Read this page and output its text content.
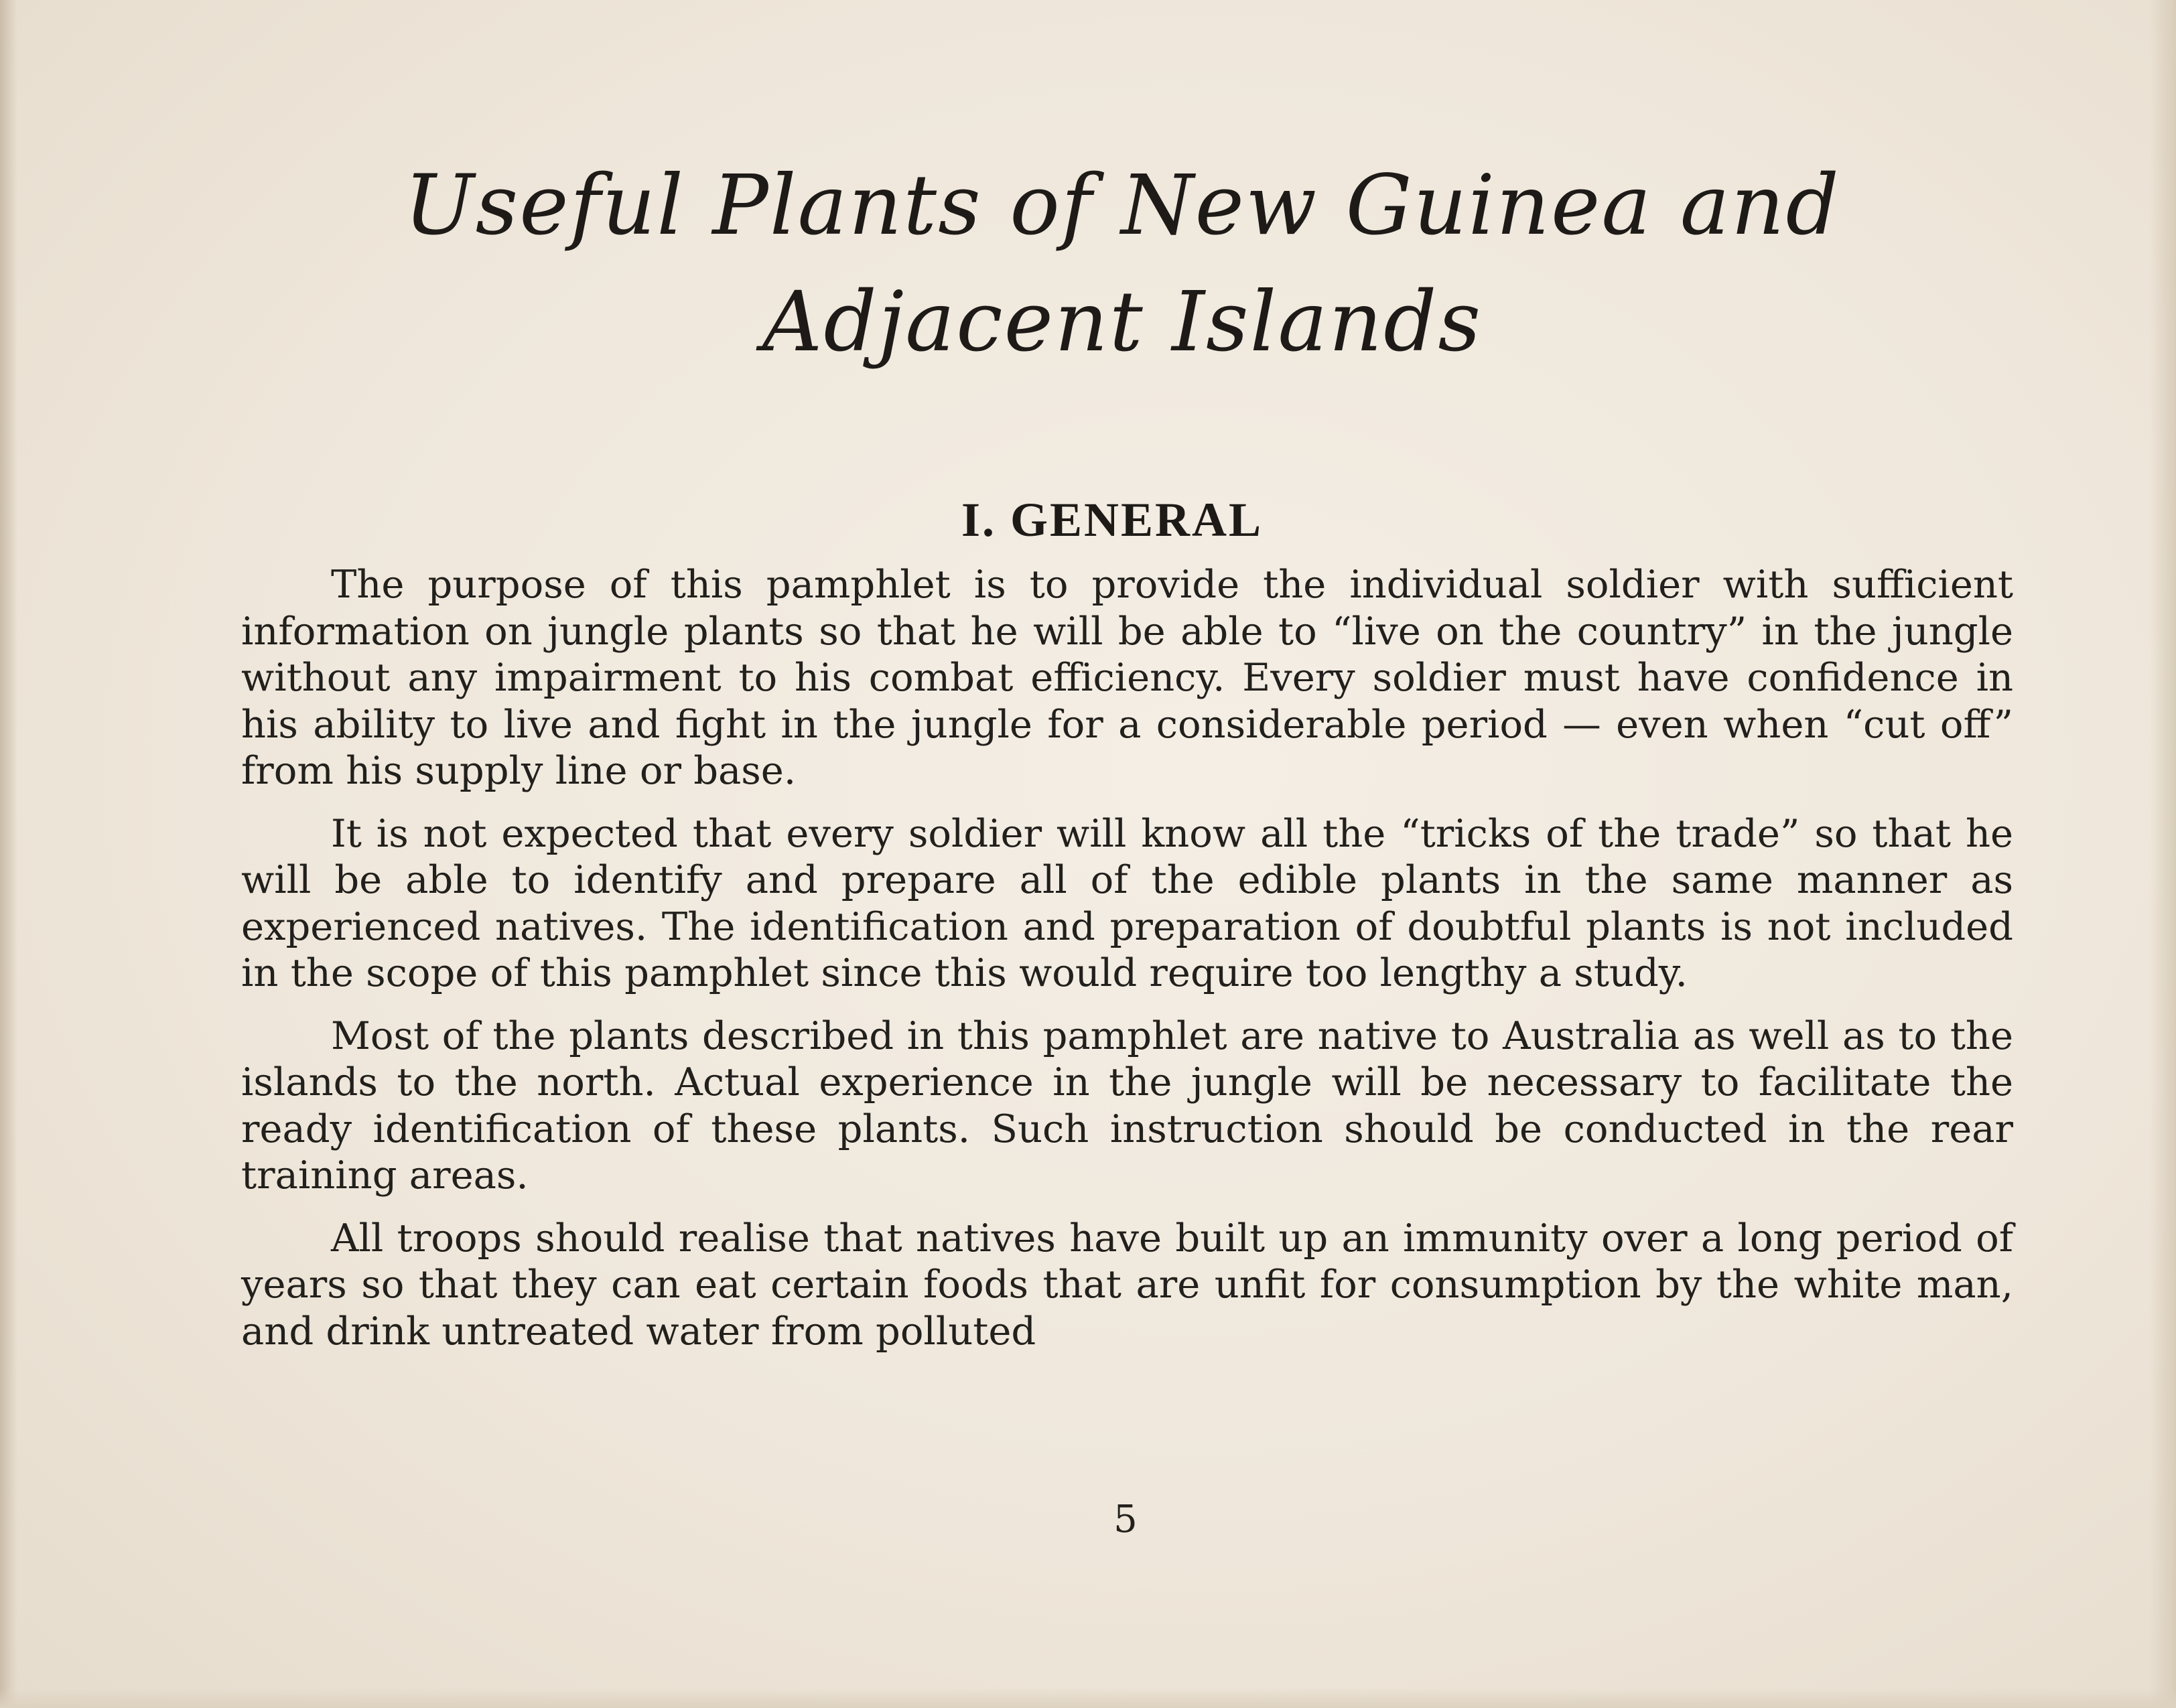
Useful Plants of New Guinea and
Adjacent Islands
I. GENERAL

The purpose of this pamphlet is to provide the individual soldier with sufficient information on jungle plants so that he will be able to “live on the country” in the jungle without any impairment to his combat efficiency. Every soldier must have confidence in his ability to live and fight in the jungle for a considerable period — even when “cut off” from his supply line or base.

It is not expected that every soldier will know all the “tricks of the trade” so that he will be able to identify and prepare all of the edible plants in the same manner as experienced natives. The identification and preparation of doubtful plants is not included in the scope of this pamphlet since this would require too lengthy a study.

Most of the plants described in this pamphlet are native to Australia as well as to the islands to the north. Actual experience in the jungle will be necessary to facilitate the ready identification of these plants. Such instruction should be conducted in the rear training areas.

All troops should realise that natives have built up an immunity over a long period of years so that they can eat certain foods that are unfit for consumption by the white man, and drink untreated water from polluted

5
